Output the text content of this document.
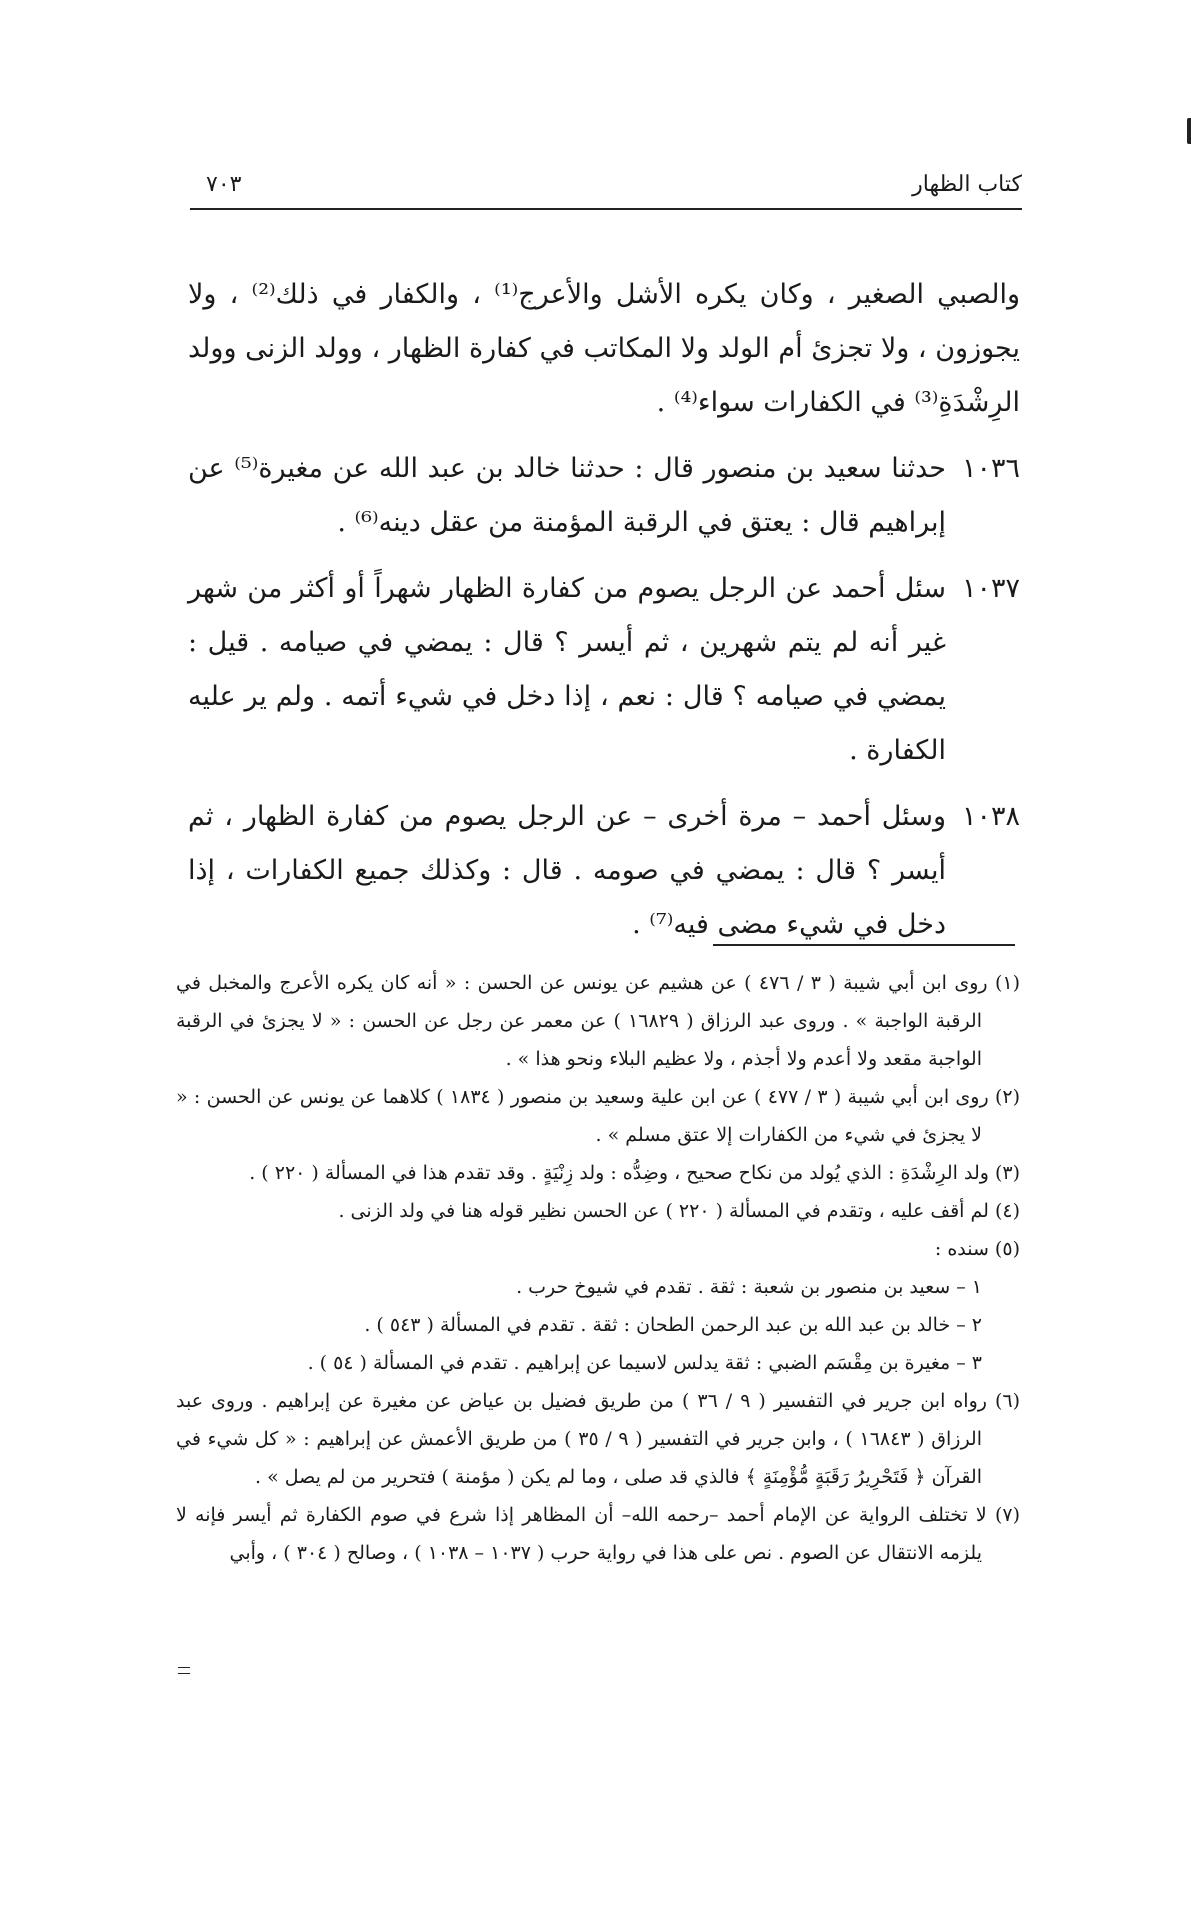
كتاب الظهار
٧٠٣

والصبي الصغير ، وكان يكره الأشل والأعرج⁽¹⁾ ، والكفار في ذلك⁽²⁾ ، ولا يجوزون ، ولا تجزئ أم الولد ولا المكاتب في كفارة الظهار ، وولد الزنى وولد الرِشْدَةِ⁽³⁾ في الكفارات سواء⁽⁴⁾ .

١٠٣٦
حدثنا سعيد بن منصور قال : حدثنا خالد بن عبد الله عن مغيرة⁽⁵⁾ عن إبراهيم قال : يعتق في الرقبة المؤمنة من عقل دينه⁽⁶⁾ .
١٠٣٧
سئل أحمد عن الرجل يصوم من كفارة الظهار شهراً أو أكثر من شهر غير أنه لم يتم شهرين ، ثم أيسر ؟ قال : يمضي في صيامه . قيل : يمضي في صيامه ؟ قال : نعم ، إذا دخل في شيء أتمه . ولم ير عليه الكفارة .
١٠٣٨
وسئل أحمد – مرة أخرى – عن الرجل يصوم من كفارة الظهار ، ثم أيسر ؟ قال : يمضي في صومه . قال : وكذلك جميع الكفارات ، إذا دخل في شيء مضى فيه⁽⁷⁾ .

(١) روى ابن أبي شيبة ( ٣ / ٤٧٦ ) عن هشيم عن يونس عن الحسن : « أنه كان يكره الأعرج والمخبل في الرقبة الواجبة » . وروى عبد الرزاق ( ١٦٨٢٩ ) عن معمر عن رجل عن الحسن : « لا يجزئ في الرقبة الواجبة مقعد ولا أعدم ولا أجذم ، ولا عظيم البلاء ونحو هذا » .

(٢) روى ابن أبي شيبة ( ٣ / ٤٧٧ ) عن ابن علية وسعيد بن منصور ( ١٨٣٤ ) كلاهما عن يونس عن الحسن : « لا يجزئ في شيء من الكفارات إلا عتق مسلم » .

(٣) ولد الرِشْدَةِ : الذي يُولد من نكاح صحيح ، وضِدُّه : ولد زِنْيَةٍ . وقد تقدم هذا في المسألة ( ٢٢٠ ) .

(٤) لم أقف عليه ، وتقدم في المسألة ( ٢٢٠ ) عن الحسن نظير قوله هنا في ولد الزنى .

(٥) سنده :

١ – سعيد بن منصور بن شعبة : ثقة . تقدم في شيوخ حرب .

٢ – خالد بن عبد الله بن عبد الرحمن الطحان : ثقة . تقدم في المسألة ( ٥٤٣ ) .

٣ – مغيرة بن مِقْسَم الضبي : ثقة يدلس لاسيما عن إبراهيم . تقدم في المسألة ( ٥٤ ) .

(٦) رواه ابن جرير في التفسير ( ٩ / ٣٦ ) من طريق فضيل بن عياض عن مغيرة عن إبراهيم . وروى عبد الرزاق ( ١٦٨٤٣ ) ، وابن جرير في التفسير ( ٩ / ٣٥ ) من طريق الأعمش عن إبراهيم : « كل شيء في القرآن ﴿ فَتَحْرِيرُ رَقَبَةٍ مُّؤْمِنَةٍ ﴾ فالذي قد صلى ، وما لم يكن ( مؤمنة ) فتحرير من لم يصل » .

(٧) لا تختلف الرواية عن الإمام أحمد –رحمه الله– أن المظاهر إذا شرع في صوم الكفارة ثم أيسر فإنه لا يلزمه الانتقال عن الصوم . نص على هذا في رواية حرب ( ١٠٣٧ – ١٠٣٨ ) ، وصالح ( ٣٠٤ ) ، وأبي
